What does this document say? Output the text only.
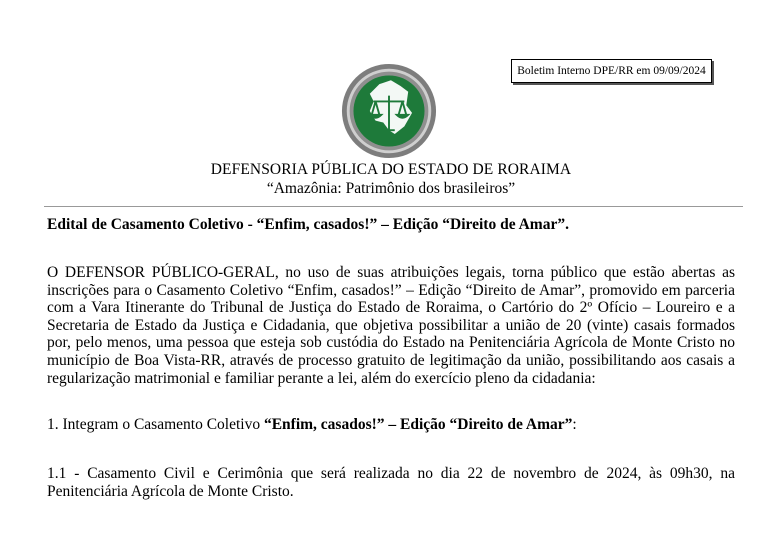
Boletim Interno DPE/RR em 09/09/2024
DEFENSORIA PÚBLICA DO ESTADO DE RORAIMA
“Amazônia: Patrimônio dos brasileiros”
Edital de Casamento Coletivo - “Enfim, casados!” – Edição “Direito de Amar”.
O DEFENSOR PÚBLICO-GERAL, no uso de suas atribuições legais, torna público que estão abertas as inscrições para o Casamento Coletivo “Enfim, casados!” – Edição “Direito de Amar”, promovido em parceria com a Vara Itinerante do Tribunal de Justiça do Estado de Roraima, o Cartório do 2º Ofício – Loureiro e a Secretaria de Estado da Justiça e Cidadania, que objetiva possibilitar a união de 20 (vinte) casais formados por, pelo menos, uma pessoa que esteja sob custódia do Estado na Penitenciária Agrícola de Monte Cristo no município de Boa Vista-RR, através de processo gratuito de legitimação da união, possibilitando aos casais a regularização matrimonial e familiar perante a lei, além do exercício pleno da cidadania:
1. Integram o Casamento Coletivo “Enfim, casados!” – Edição “Direito de Amar”:
1.1 - Casamento Civil e Cerimônia que será realizada no dia 22 de novembro de 2024, às 09h30, na Penitenciária Agrícola de Monte Cristo.
